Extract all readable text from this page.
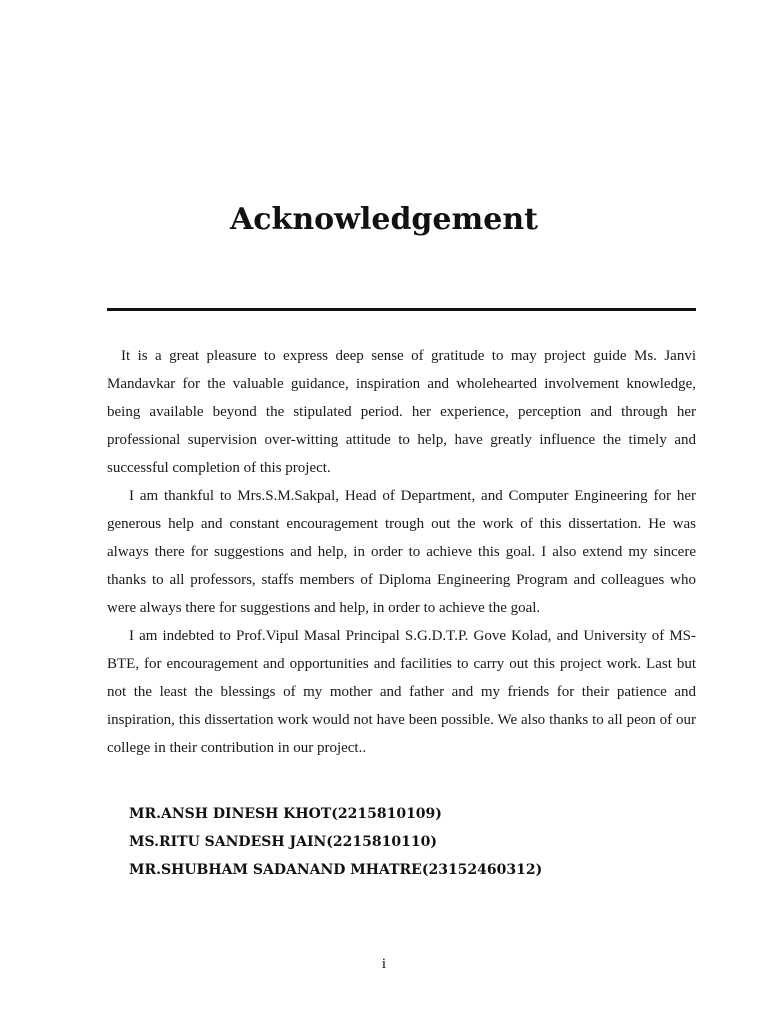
Acknowledgement

It is a great pleasure to express deep sense of gratitude to may project guide Ms. Janvi Mandavkar for the valuable guidance, inspiration and wholehearted involvement knowledge, being available beyond the stipulated period. her experience, perception and through her professional supervision over-witting attitude to help, have greatly influence the timely and successful completion of this project.

I am thankful to Mrs.S.M.Sakpal, Head of Department, and Computer Engineering for her generous help and constant encouragement trough out the work of this dissertation. He was always there for suggestions and help, in order to achieve this goal. I also extend my sincere thanks to all professors, staffs members of Diploma Engineering Program and colleagues who were always there for suggestions and help, in order to achieve the goal.

I am indebted to Prof.Vipul Masal Principal S.G.D.T.P. Gove Kolad, and University of MS- BTE, for encouragement and opportunities and facilities to carry out this project work. Last but not the least the blessings of my mother and father and my friends for their patience and inspiration, this dissertation work would not have been possible. We also thanks to all peon of our college in their contribution in our project..

MR.ANSH DINESH KHOT(2215810109)

MS.RITU SANDESH JAIN(2215810110)

MR.SHUBHAM SADANAND MHATRE(23152460312)

i
